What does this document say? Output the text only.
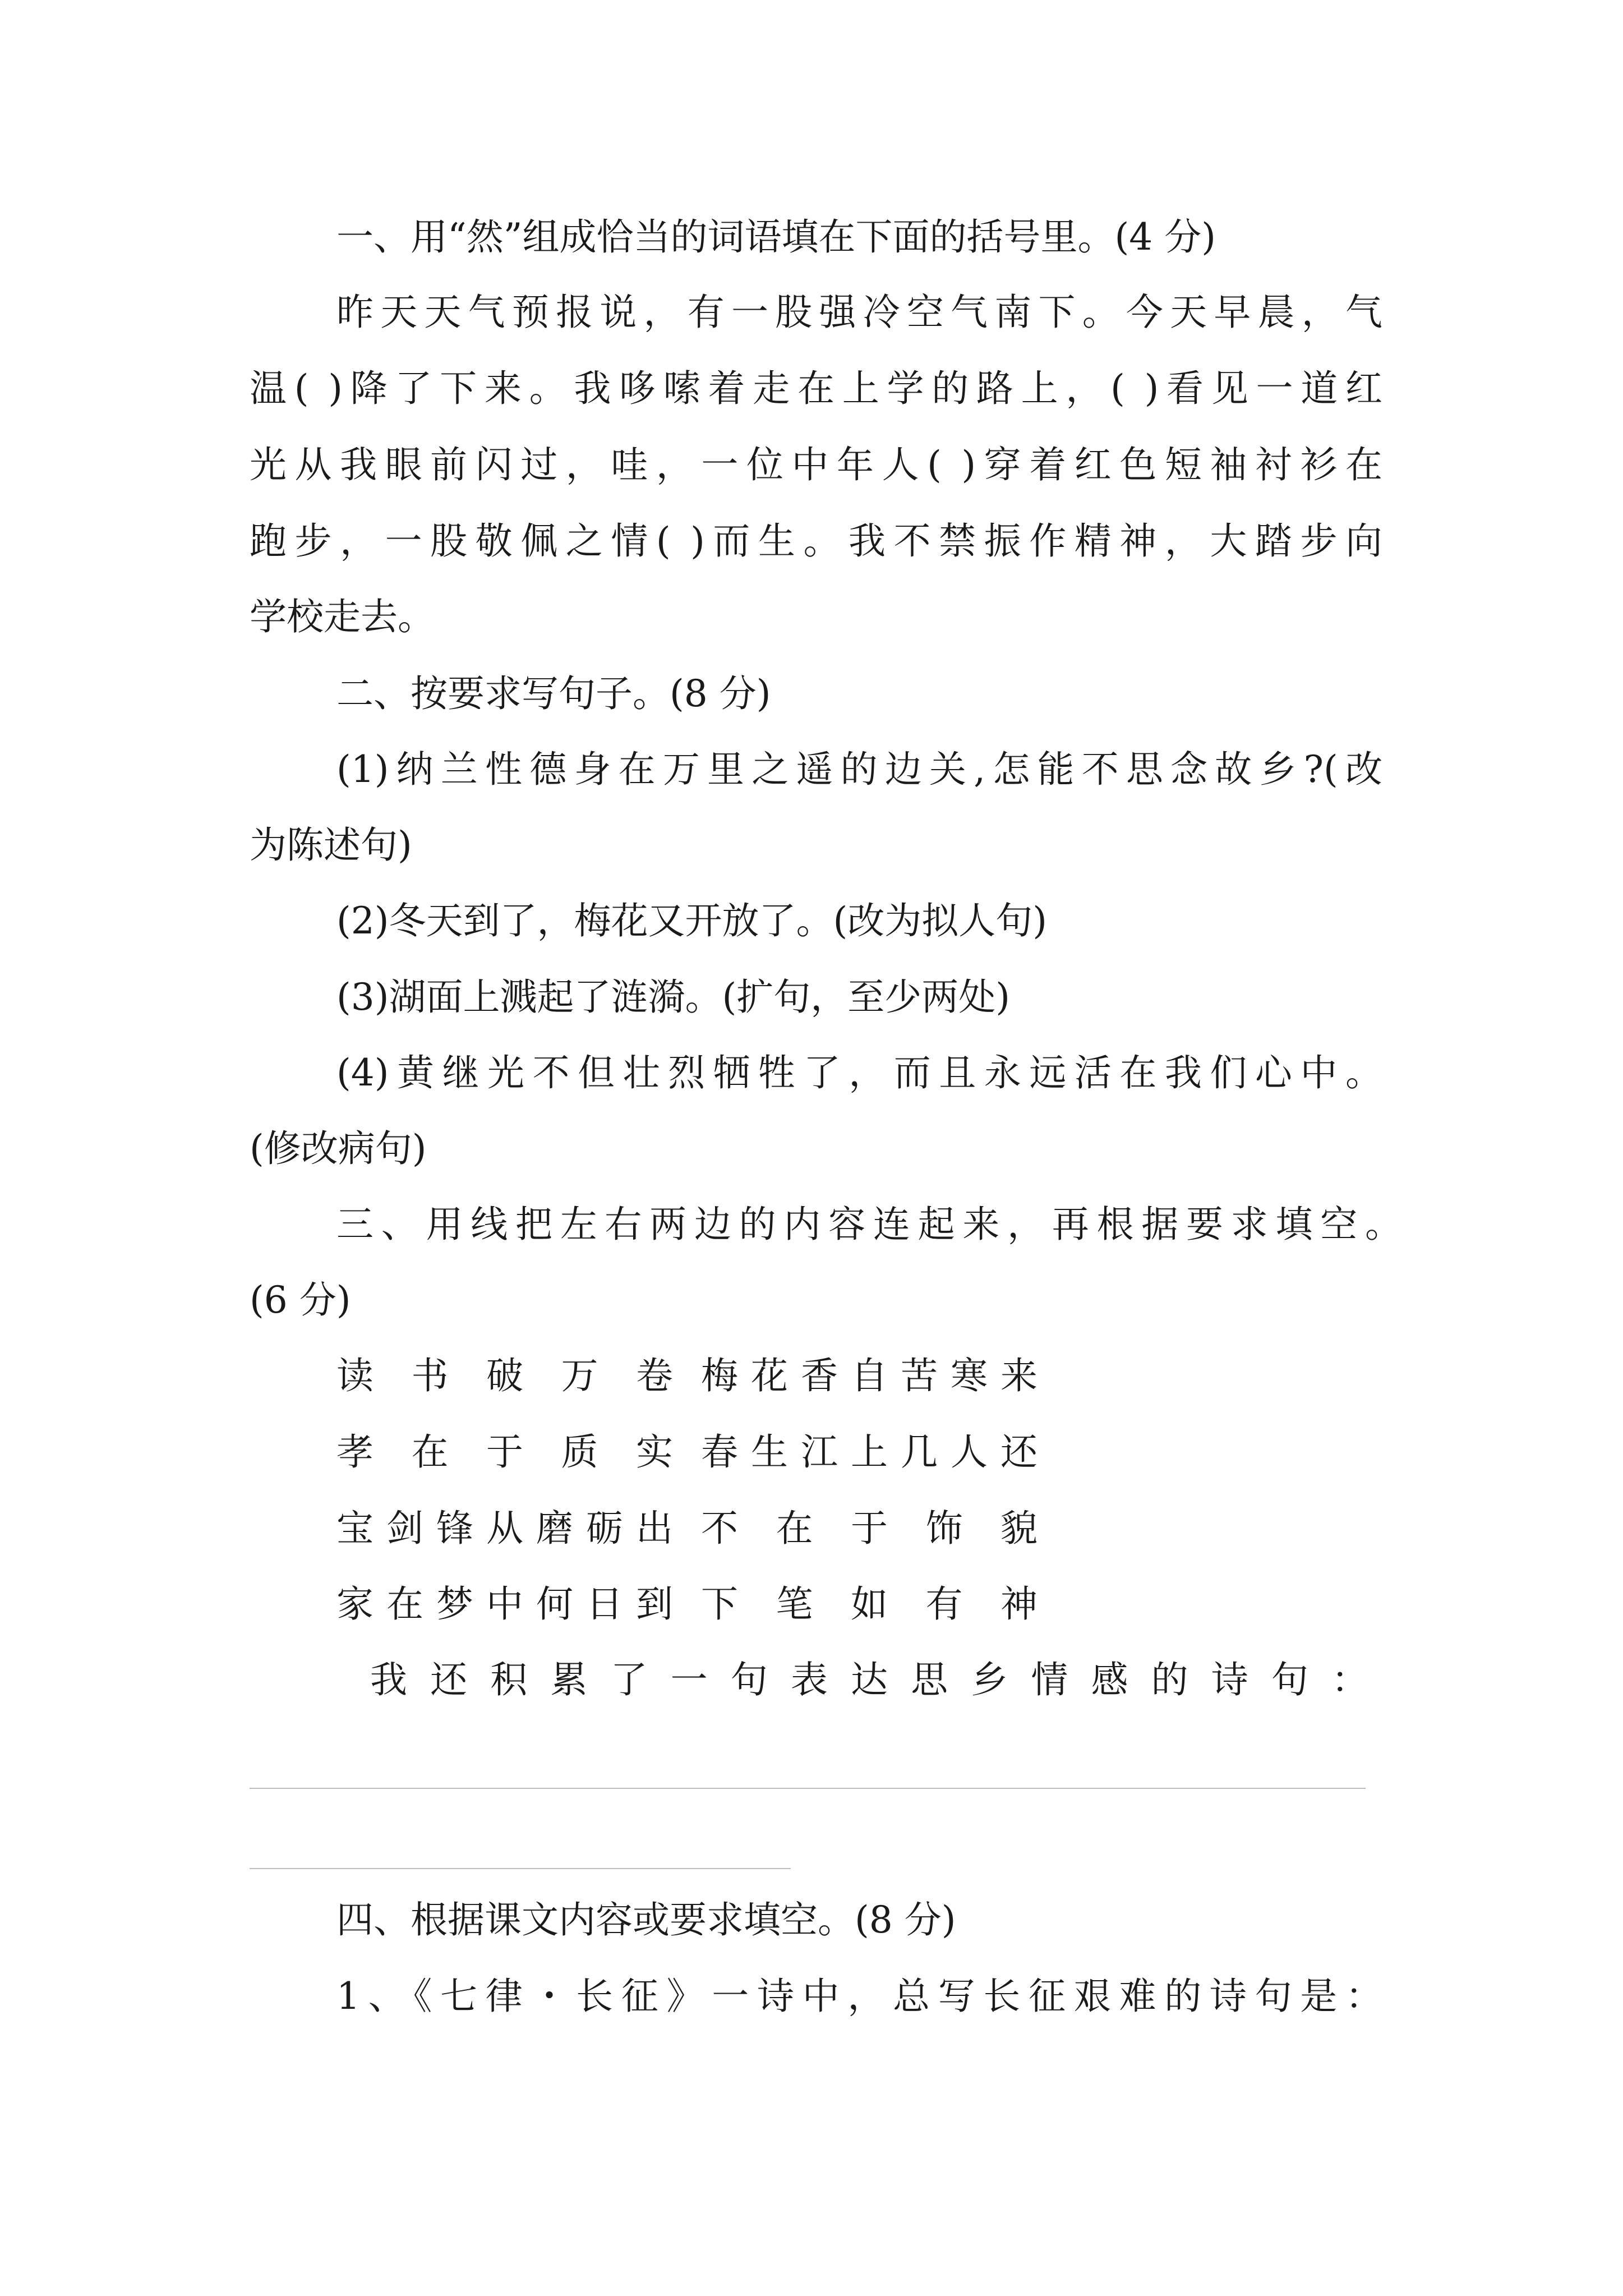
一、用“然”组成恰当的词语填在下面的括号里。(4 分)

昨天天气预报说，有一股强冷空气南下。今天早晨，气

温( )降了下来。我哆嗦着走在上学的路上，( )看见一道红

光从我眼前闪过，哇，一位中年人( )穿着红色短袖衬衫在

跑步，一股敬佩之情( )而生。我不禁振作精神，大踏步向

学校走去。

二、按要求写句子。(8 分)

(1)纳兰性德身在万里之遥的边关,怎能不思念故乡?(改

为陈述句)

(2)冬天到了，梅花又开放了。(改为拟人句)

(3)湖面上溅起了涟漪。(扩句，至少两处)

(4)黄继光不但壮烈牺牲了，而且永远活在我们心中。

(修改病句)

三、用线把左右两边的内容连起来，再根据要求填空。

(6 分)

读书破万卷 梅花香自苦寒来
孝在于质实 春生江上几人还
宝剑锋从磨砺出 不在于饰貌
家在梦中何日到 下笔如有神

我还积累了一句表达思乡情感的诗句：

四、根据课文内容或要求填空。(8 分)

1、《七律・长征》一诗中，总写长征艰难的诗句是：
